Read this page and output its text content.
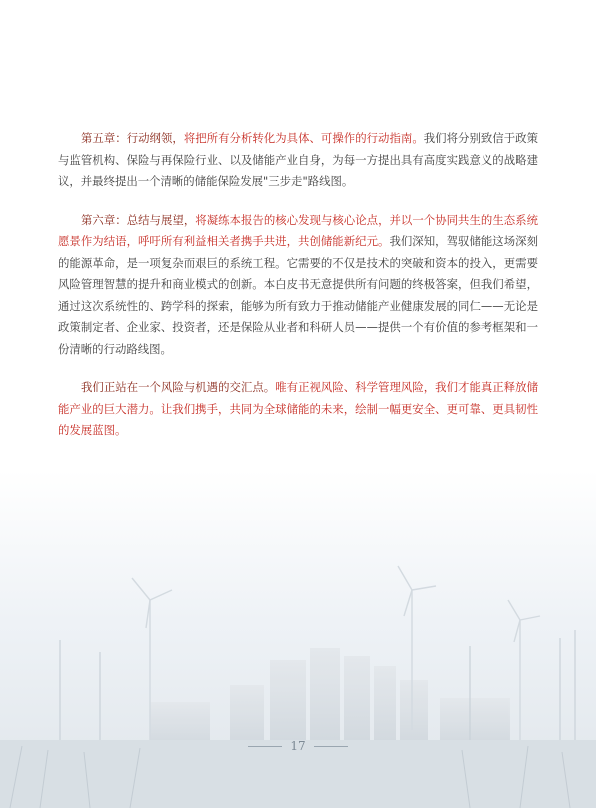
第五章：行动纲领，将把所有分析转化为具体、可操作的行动指南。我们将分别致信于政策与监管机构、保险与再保险行业、以及储能产业自身，为每一方提出具有高度实践意义的战略建议，并最终提出一个清晰的储能保险发展"三步走"路线图。

第六章：总结与展望，将凝练本报告的核心发现与核心论点，并以一个协同共生的生态系统愿景作为结语，呼吁所有利益相关者携手共进，共创储能新纪元。我们深知，驾驭储能这场深刻的能源革命，是一项复杂而艰巨的系统工程。它需要的不仅是技术的突破和资本的投入，更需要风险管理智慧的提升和商业模式的创新。本白皮书无意提供所有问题的终极答案，但我们希望，通过这次系统性的、跨学科的探索，能够为所有致力于推动储能产业健康发展的同仁——无论是政策制定者、企业家、投资者，还是保险从业者和科研人员——提供一个有价值的参考框架和一份清晰的行动路线图。

我们正站在一个风险与机遇的交汇点。唯有正视风险、科学管理风险，我们才能真正释放储能产业的巨大潜力。让我们携手，共同为全球储能的未来，绘制一幅更安全、更可靠、更具韧性的发展蓝图。

17
